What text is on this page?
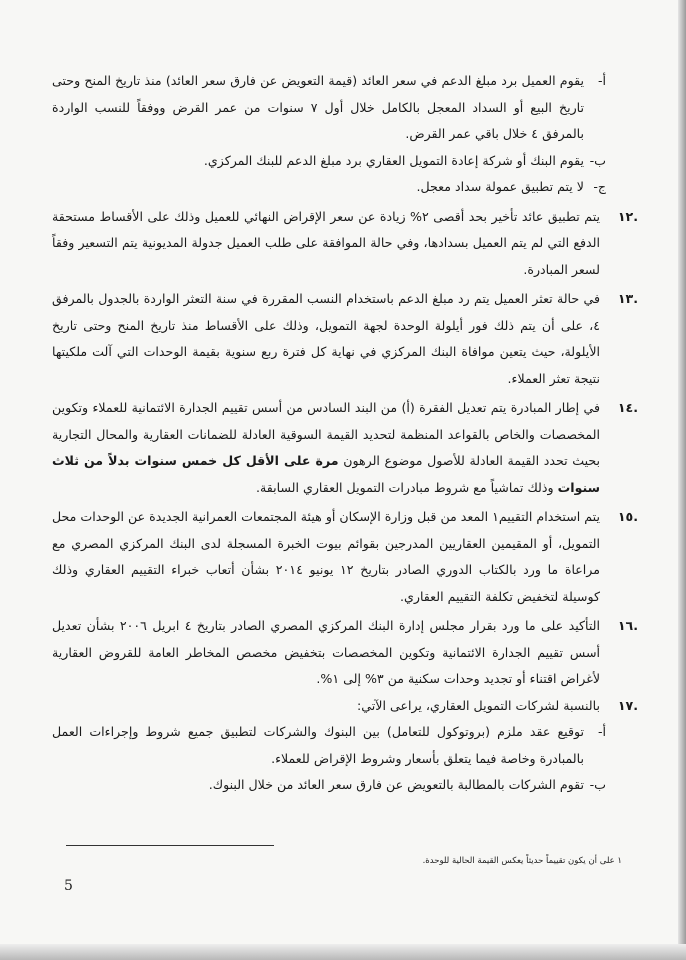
أ-
يقوم العميل برد مبلغ الدعم في سعر العائد (قيمة التعويض عن فارق سعر العائد) منذ تاريخ المنح وحتى تاريخ البيع أو السداد المعجل بالكامل خلال أول ٧ سنوات من عمر القرض ووفقاً للنسب الواردة بالمرفق ٤ خلال باقي عمر القرض.

ب-
يقوم البنك أو شركة إعادة التمويل العقاري برد مبلغ الدعم للبنك المركزي.

ج-
لا يتم تطبيق عمولة سداد معجل.

.١٢
يتم تطبيق عائد تأخير بحد أقصى ٢% زيادة عن سعر الإقراض النهائي للعميل وذلك على الأقساط مستحقة الدفع التي لم يتم العميل بسدادها، وفي حالة الموافقة على طلب العميل جدولة المديونية يتم التسعير وفقاً لسعر المبادرة.

.١٣
في حالة تعثر العميل يتم رد مبلغ الدعم باستخدام النسب المقررة في سنة التعثر الواردة بالجدول بالمرفق ٤، على أن يتم ذلك فور أيلولة الوحدة لجهة التمويل، وذلك على الأقساط منذ تاريخ المنح وحتى تاريخ الأيلولة، حيث يتعين موافاة البنك المركزي في نهاية كل فترة ربع سنوية بقيمة الوحدات التي آلت ملكيتها نتيجة تعثر العملاء.

.١٤
في إطار المبادرة يتم تعديل الفقرة (أ) من البند السادس من أسس تقييم الجدارة الائتمانية للعملاء وتكوين المخصصات والخاص بالقواعد المنظمة لتحديد القيمة السوقية العادلة للضمانات العقارية والمحال التجارية بحيث تحدد القيمة العادلة للأصول موضوع الرهون مرة على الأقل كل خمس سنوات بدلاً من ثلاث سنوات وذلك تماشياً مع شروط مبادرات التمويل العقاري السابقة.

.١٥
يتم استخدام التقييم١ المعد من قبل وزارة الإسكان أو هيئة المجتمعات العمرانية الجديدة عن الوحدات محل التمويل، أو المقيمين العقاريين المدرجين بقوائم بيوت الخبرة المسجلة لدى البنك المركزي المصري مع مراعاة ما ورد بالكتاب الدوري الصادر بتاريخ ١٢ يونيو ٢٠١٤ بشأن أتعاب خبراء التقييم العقاري وذلك كوسيلة لتخفيض تكلفة التقييم العقاري.

.١٦
التأكيد على ما ورد بقرار مجلس إدارة البنك المركزي المصري الصادر بتاريخ ٤ ابريل ٢٠٠٦ بشأن تعديل أسس تقييم الجدارة الائتمانية وتكوين المخصصات بتخفيض مخصص المخاطر العامة للقروض العقارية لأغراض اقتناء أو تجديد وحدات سكنية من ٣% إلى ١%.

.١٧
بالنسبة لشركات التمويل العقاري، يراعى الآتي:

أ-
توقيع عقد ملزم (بروتوكول للتعامل) بين البنوك والشركات لتطبيق جميع شروط وإجراءات العمل بالمبادرة وخاصة فيما يتعلق بأسعار وشروط الإقراض للعملاء.

ب-
تقوم الشركات بالمطالبة بالتعويض عن فارق سعر العائد من خلال البنوك.

١ على أن يكون تقييماً حديثاً يعكس القيمة الحالية للوحدة.
5
